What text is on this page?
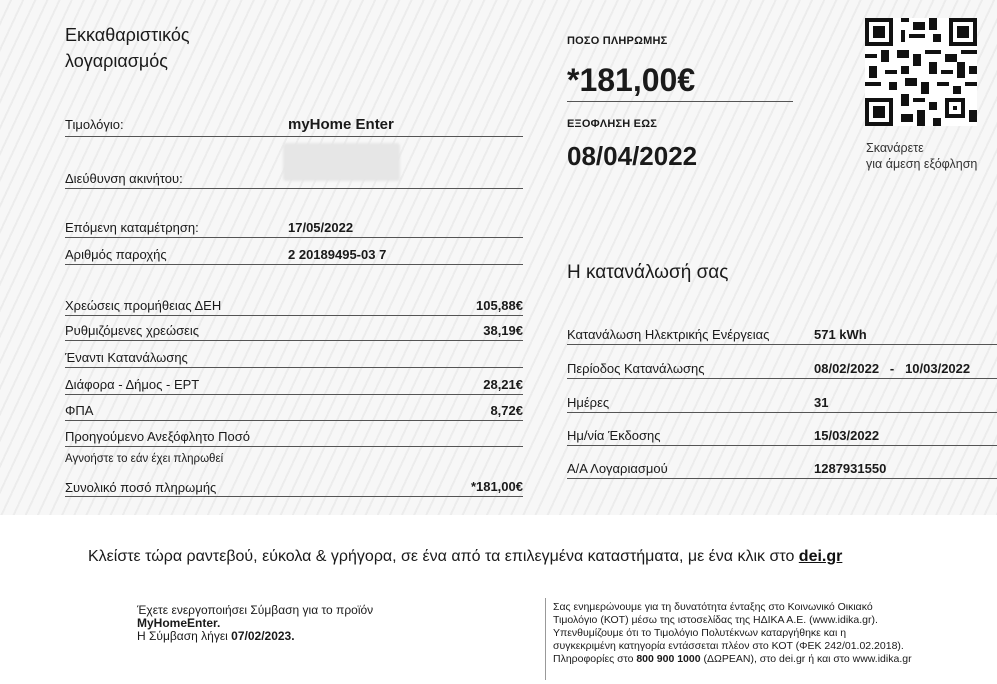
Εκκαθαριστικός
λογαριασμός
Τιμολόγιο:	myHome Enter
Διεύθυνση ακινήτου:
Επόμενη καταμέτρηση:	17/05/2022
Αριθμός παροχής	2 20189495-03 7
Χρεώσεις προμήθειας ΔΕΗ	105,88€
Ρυθμιζόμενες χρεώσεις	38,19€
Έναντι Κατανάλωσης
Διάφορα - Δήμος - ΕΡΤ	28,21€
ΦΠΑ	8,72€
Προηγούμενο Ανεξόφλητο Ποσό
Αγνοήστε το εάν έχει πληρωθεί
Συνολικό ποσό πληρωμής	*181,00€
ΠΟΣΟ ΠΛΗΡΩΜΗΣ
*181,00€
ΕΞΟΦΛΗΣΗ ΕΩΣ
08/04/2022	Σκανάρετε
για άμεση εξόφληση
Η κατανάλωσή σας
Κατανάλωση Ηλεκτρικής Ενέργειας	571 kWh
Περίοδος Κατανάλωσης	08/02/2022   -   10/03/2022
Ημέρες	31
Ημ/νία Έκδοσης	15/03/2022
Α/Α Λογαριασμού	1287931550
Κλείστε τώρα ραντεβού, εύκολα & γρήγορα, σε ένα από τα επιλεγμένα καταστήματα, με ένα κλικ στο dei.gr
Έχετε ενεργοποιήσει Σύμβαση για το προϊόν
MyHomeEnter.
Η Σύμβαση λήγει 07/02/2023.
Σας ενημερώνουμε για τη δυνατότητα ένταξης στο Κοινωνικό Οικιακό
Τιμολόγιο (ΚΟΤ) μέσω της ιστοσελίδας της ΗΔΙΚΑ Α.Ε. (www.idika.gr).
Υπενθυμίζουμε ότι το Τιμολόγιο Πολυτέκνων καταργήθηκε και η
συγκεκριμένη κατηγορία εντάσσεται πλέον στο ΚΟΤ (ΦΕΚ 242/01.02.2018).
Πληροφορίες στο 800 900 1000 (ΔΩΡΕΑΝ), στο dei.gr ή και στο www.idika.gr
